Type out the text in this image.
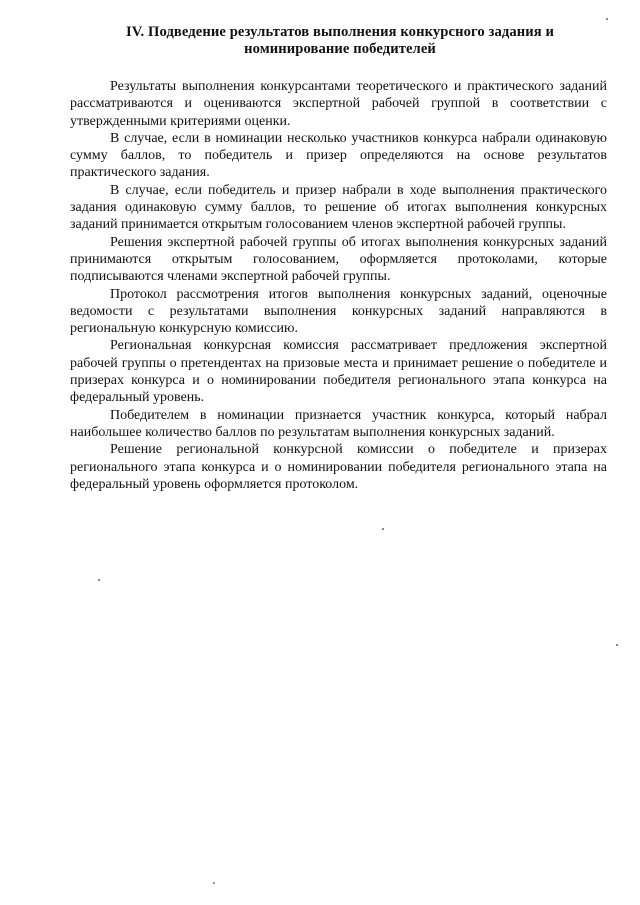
IV. Подведение результатов выполнения конкурсного задания и
номинирование победителей

Результаты выполнения конкурсантами теоретического и практического заданий рассматриваются и оцениваются экспертной рабочей группой в соответствии с утвержденными критериями оценки.

В случае, если в номинации несколько участников конкурса набрали одинаковую сумму баллов, то победитель и призер определяются на основе результатов практического задания.

В случае, если победитель и призер набрали в ходе выполнения практического задания одинаковую сумму баллов, то решение об итогах выполнения конкурсных заданий принимается открытым голосованием членов экспертной рабочей группы.

Решения экспертной рабочей группы об итогах выполнения конкурсных заданий принимаются открытым голосованием, оформляется протоколами, которые подписываются членами экспертной рабочей группы.

Протокол рассмотрения итогов выполнения конкурсных заданий, оценочные ведомости с результатами выполнения конкурсных заданий направляются в региональную конкурсную комиссию.

Региональная конкурсная комиссия рассматривает предложения экспертной рабочей группы о претендентах на призовые места и принимает решение о победителе и призерах конкурса и о номинировании победителя регионального этапа конкурса на федеральный уровень.

Победителем в номинации признается участник конкурса, который набрал наибольшее количество баллов по результатам выполнения конкурсных заданий.

Решение региональной конкурсной комиссии о победителе и призерах регионального этапа конкурса и о номинировании победителя регионального этапа на федеральный уровень оформляется протоколом.
